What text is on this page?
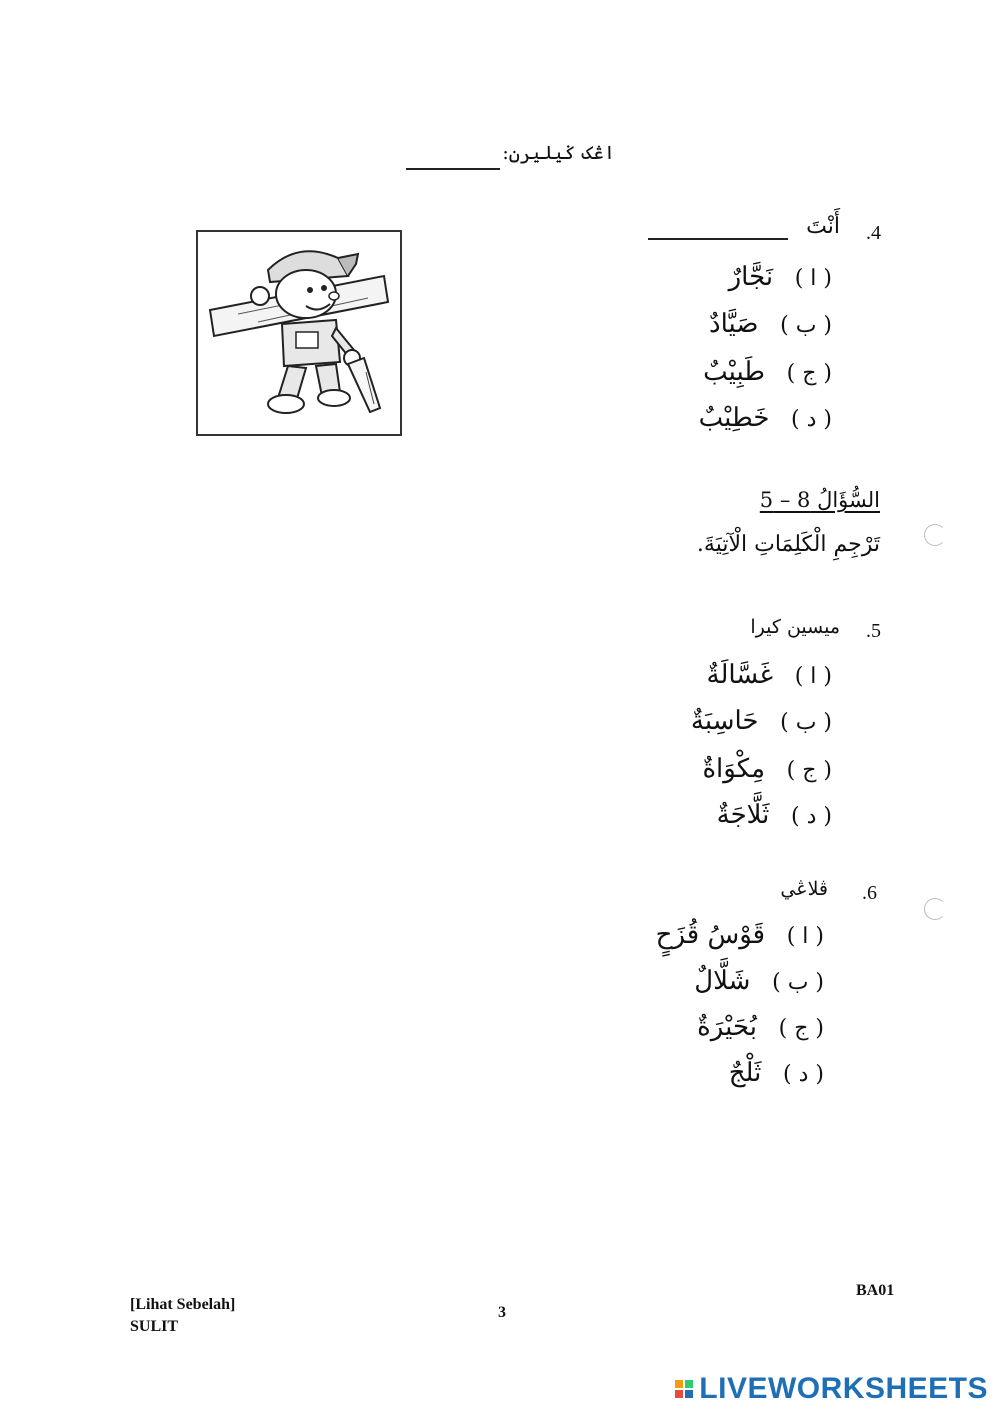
اڠک ݢيليرن:
.4
أَنْتَ
( ا ) نَجَّارٌ
( ب ) صَيَّادٌ
( ج ) طَبِيْبٌ
( د ) خَطِيْبٌ
السُّؤَالُ 8 – 5
تَرْجِمِ الْكَلِمَاتِ الْآتِيَةَ.
.5
ميسين کيرا
( ا ) غَسَّالَةٌ
( ب ) حَاسِبَةٌ
( ج ) مِكْوَاةٌ
( د ) ثَلَّاجَةٌ
.6
ڤلاڠي
( ا ) قَوْسُ قُزَحٍ
( ب ) شَلَّالٌ
( ج ) بُحَيْرَةٌ
( د ) ثَلْجٌ
BA01
3
[Lihat Sebelah]
SULIT
LIVEWORKSHEETS
